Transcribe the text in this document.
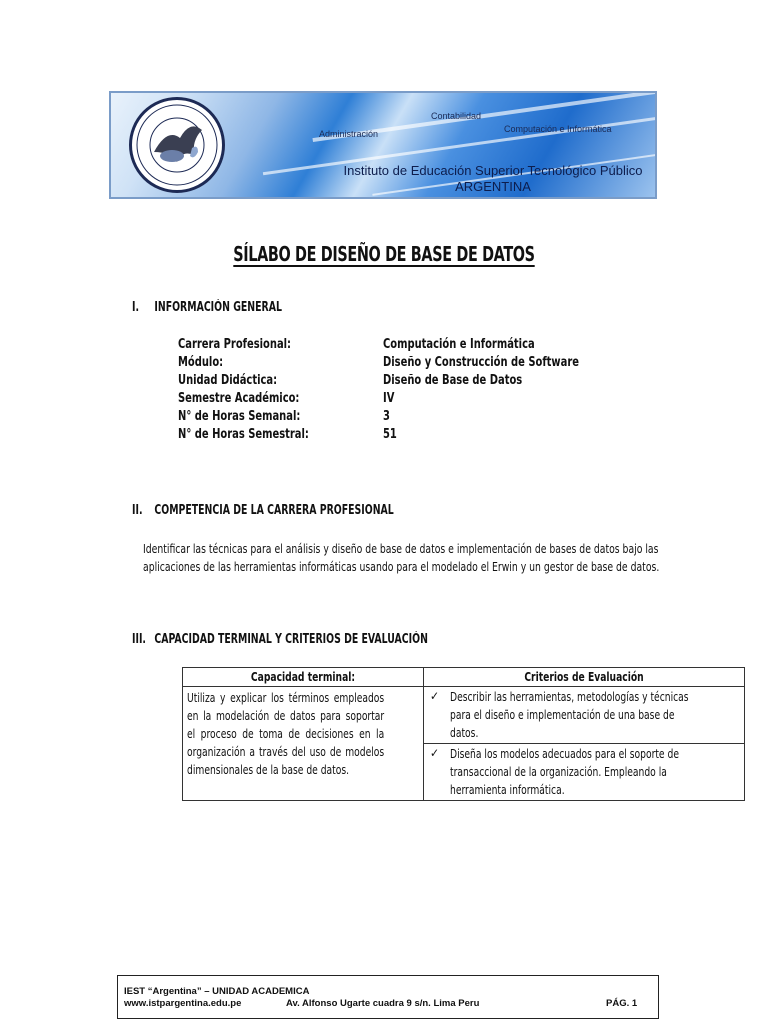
Contabilidad
Administración	Computación e Informática
Instituto de Educación Superior Tecnológico Público
ARGENTINA
SÍLABO DE DISEÑO DE BASE DE DATOS
I. INFORMACIÓN GENERAL
Carrera Profesional:	Computación e Informática
Módulo:	Diseño y Construcción de Software
Unidad Didáctica:	Diseño de Base de Datos
Semestre Académico:	IV
N° de Horas Semanal:	3
N° de Horas Semestral:	51
II. COMPETENCIA DE LA CARRERA PROFESIONAL
Identificar las técnicas para el análisis y diseño de base de datos e implementación de bases de datos bajo las aplicaciones de las herramientas informáticas usando para el modelado el Erwin y un gestor de base de datos.
III. CAPACIDAD TERMINAL Y CRITERIOS DE EVALUACIÓN
Capacidad terminal:	Criterios de Evaluación

Utiliza y explicar los términos empleados en la modelación de datos para soportar el proceso de toma de decisiones en la organización a través del uso de modelos dimensionales de la base de datos.	✓ Describir las herramientas, metodologías y técnicas para el diseño e implementación de una base de datos.

	✓ Diseña los modelos adecuados para el soporte de transaccional de la organización. Empleando la herramienta informática.
IEST “Argentina” – UNIDAD ACADEMICA
www.istpargentina.edu.pe	Av. Alfonso Ugarte cuadra 9 s/n. Lima Peru	PÁG. 1
